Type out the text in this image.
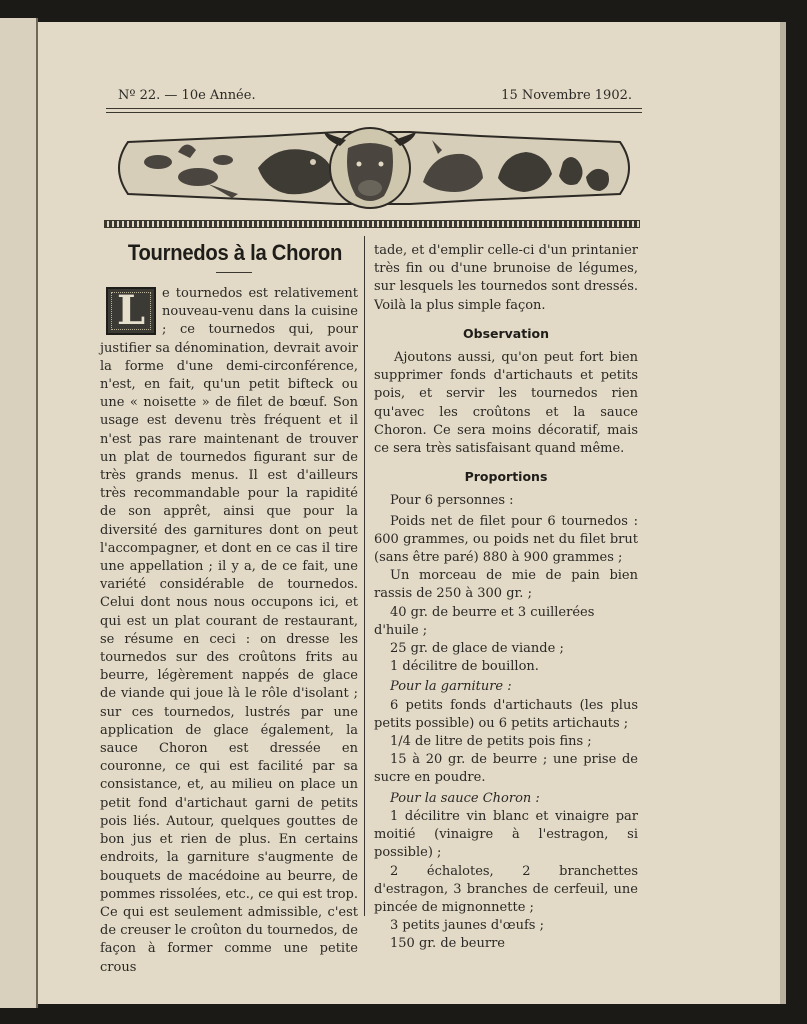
Nº 22. — 10e Année.	15 Novembre 1902.
Tournedos à la Choron
L	e tournedos est relativement nouveau-venu dans la cuisine ; ce tournedos qui, pour justifier sa dénomination, devrait avoir la forme d'une demi-circonférence, n'est, en fait, qu'un petit bifteck ou une « noisette » de filet de bœuf. Son usage est devenu très fréquent et il n'est pas rare maintenant de trouver un plat de tournedos figurant sur de très grands menus. Il est d'ailleurs très recommandable pour la rapidité de son apprêt, ainsi que pour la diversité des garnitures dont on peut l'accompagner, et dont en ce cas il tire une appellation ; il y a, de ce fait, une variété considérable de tournedos. Celui dont nous nous occupons ici, et qui est un plat courant de restaurant, se résume en ceci : on dresse les tournedos sur des croûtons frits au beurre, légèrement nappés de glace de viande qui joue là le rôle d'isolant ; sur ces tournedos, lustrés par une application de glace également, la sauce Choron est dressée en couronne, ce qui est facilité par sa consistance, et, au milieu on place un petit fond d'artichaut garni de petits pois liés. Autour, quelques gouttes de bon jus et rien de plus. En certains endroits, la garniture s'augmente de bouquets de macédoine au beurre, de pommes rissolées, etc., ce qui est trop. Ce qui est seulement admissible, c'est de creuser le croûton du tournedos, de façon à former comme une petite crous

tade, et d'emplir celle-ci d'un printanier très fin ou d'une brunoise de légumes, sur lesquels les tournedos sont dressés. Voilà la plus simple façon.

Observation

Ajoutons aussi, qu'on peut fort bien supprimer fonds d'artichauts et petits pois, et servir les tournedos rien qu'avec les croûtons et la sauce Choron. Ce sera moins décoratif, mais ce sera très satisfaisant quand même.

Proportions

Pour 6 personnes :

Poids net de filet pour 6 tournedos : 600 grammes, ou poids net du filet brut (sans être paré) 880 à 900 grammes ;

Un morceau de mie de pain bien rassis de 250 à 300 gr. ;

40 gr. de beurre et 3 cuillerées d'huile ;

25 gr. de glace de viande ;

1 décilitre de bouillon.

Pour la garniture :

6 petits fonds d'artichauts (les plus petits possible) ou 6 petits artichauts ;

1/4 de litre de petits pois fins ;

15 à 20 gr. de beurre ; une prise de sucre en poudre.

Pour la sauce Choron :

1 décilitre vin blanc et vinaigre par moitié (vinaigre à l'estragon, si possible) ;

2 échalotes, 2 branchettes d'estragon, 3 branches de cerfeuil, une pincée de mignonnette ;

3 petits jaunes d'œufs ;

150 gr. de beurre
